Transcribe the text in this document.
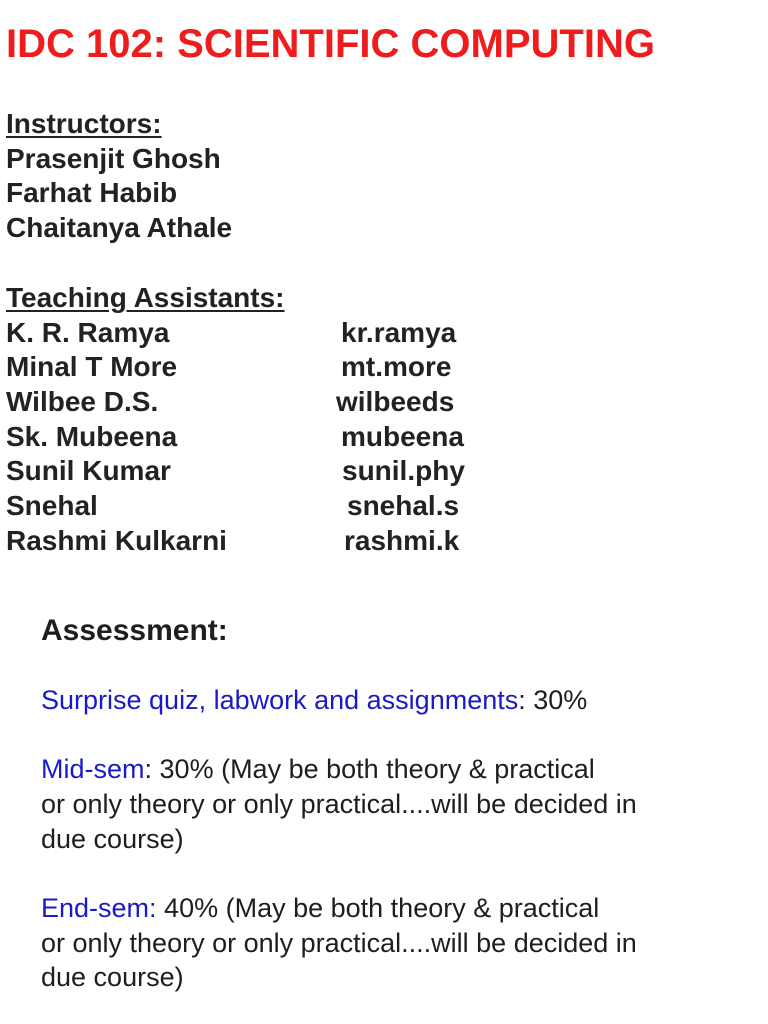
IDC 102: SCIENTIFIC COMPUTING
Instructors:
Prasenjit Ghosh
Farhat Habib
Chaitanya Athale
Teaching Assistants:
K. R. Ramya	kr.ramya
Minal T More	mt.more
Wilbee D.S.	wilbeeds
Sk. Mubeena	mubeena
Sunil Kumar	sunil.phy
Snehal	snehal.s
Rashmi Kulkarni	rashmi.k
Assessment:
Surprise quiz, labwork and assignments: 30%
Mid-sem: 30% (May be both theory & practical
or only theory or only practical....will be decided in
due course)
End-sem: 40% (May be both theory & practical
or only theory or only practical....will be decided in
due course)
